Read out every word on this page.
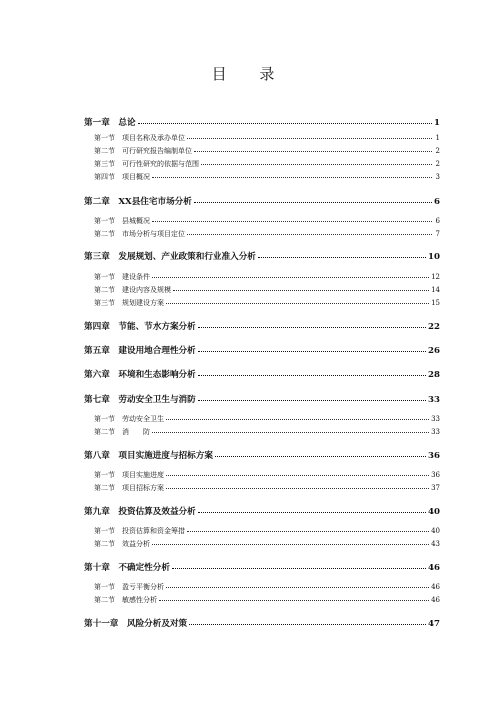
目 录
第一章　总论	1
第一节　项目名称及承办单位	1
第二节　可行研究报告编制单位	2
第三节　可行性研究的依据与范围	2
第四节　项目概况	3
第二章　XX县住宅市场分析	6
第一节　县城概况	6
第二节　市场分析与项目定位	7
第三章　发展规划、产业政策和行业准入分析	10
第一节　建设条件	12
第二节　建设内容及规模	14
第三节　规划建设方案	15
第四章　节能、节水方案分析	22
第五章　建设用地合理性分析	26
第六章　环境和生态影响分析	28
第七章　劳动安全卫生与消防	33
第一节　劳动安全卫生	33
第二节　消　　防	33
第八章　项目实施进度与招标方案	36
第一节　项目实施进度	36
第二节　项目招标方案	37
第九章　投资估算及效益分析	40
第一节　投资估算和资金筹措	40
第二节　效益分析	43
第十章　不确定性分析	46
第一节　盈亏平衡分析	46
第二节　敏感性分析	46
第十一章　风险分析及对策	47
